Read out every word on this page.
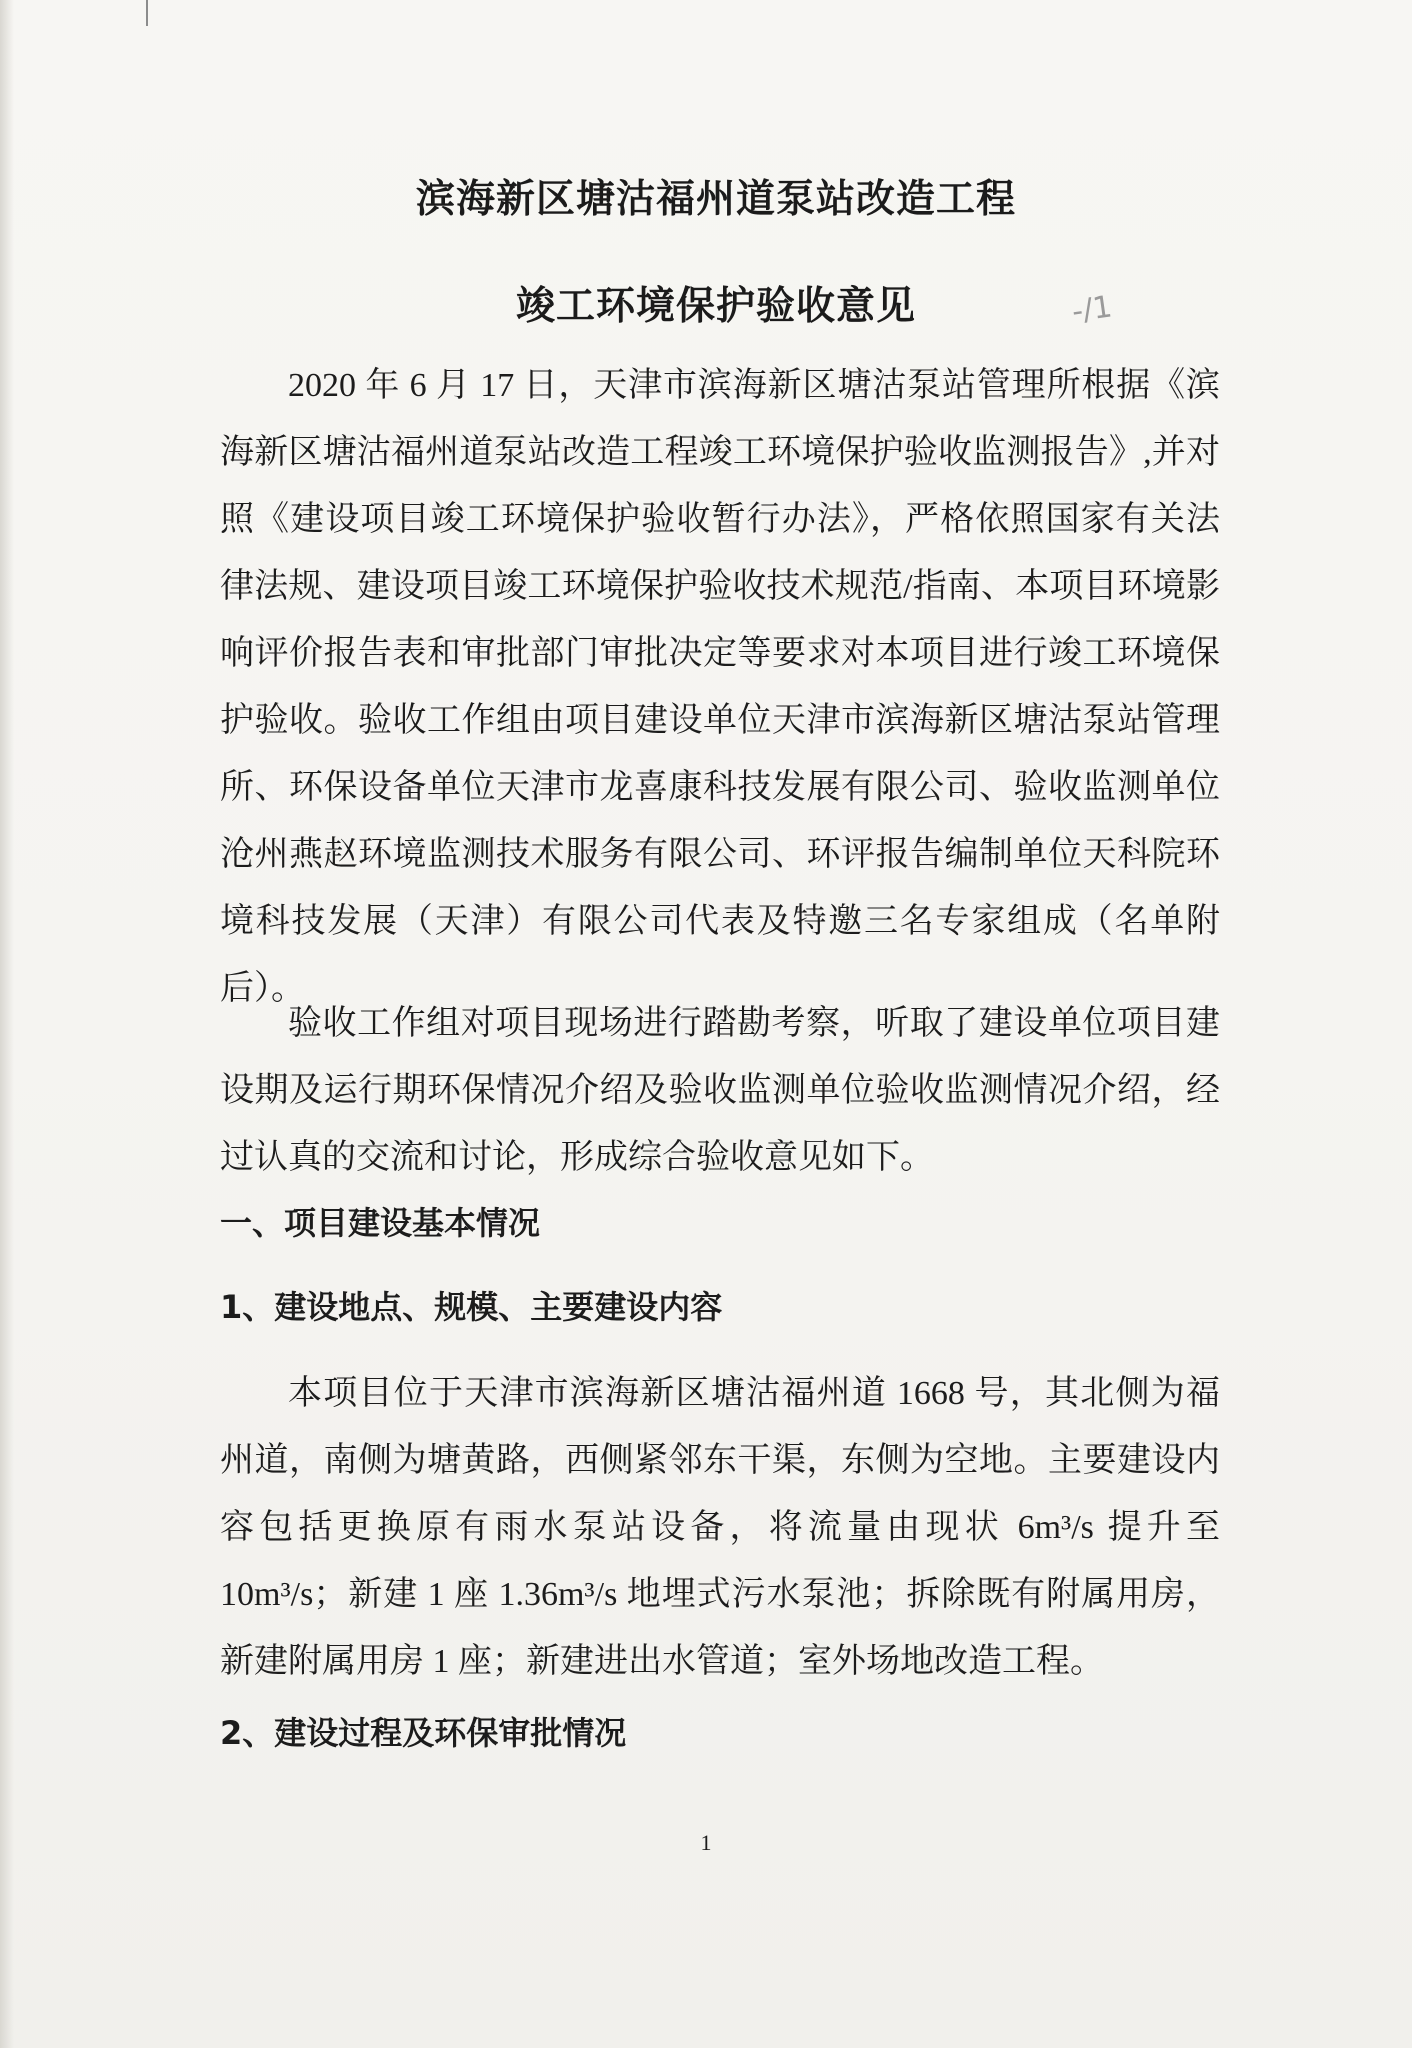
滨海新区塘沽福州道泵站改造工程
竣工环境保护验收意见	-/1

2020 年 6 月 17 日，天津市滨海新区塘沽泵站管理所根据《滨海新区塘沽福州道泵站改造工程竣工环境保护验收监测报告》,并对照《建设项目竣工环境保护验收暂行办法》，严格依照国家有关法律法规、建设项目竣工环境保护验收技术规范/指南、本项目环境影响评价报告表和审批部门审批决定等要求对本项目进行竣工环境保护验收。验收工作组由项目建设单位天津市滨海新区塘沽泵站管理所、环保设备单位天津市龙喜康科技发展有限公司、验收监测单位沧州燕赵环境监测技术服务有限公司、环评报告编制单位天科院环境科技发展（天津）有限公司代表及特邀三名专家组成（名单附后）。

验收工作组对项目现场进行踏勘考察，听取了建设单位项目建设期及运行期环保情况介绍及验收监测单位验收监测情况介绍，经过认真的交流和讨论，形成综合验收意见如下。

一、项目建设基本情况
1、建设地点、规模、主要建设内容

本项目位于天津市滨海新区塘沽福州道 1668 号，其北侧为福州道，南侧为塘黄路，西侧紧邻东干渠，东侧为空地。主要建设内容包括更换原有雨水泵站设备，将流量由现状 6m³/s 提升至 10m³/s；新建 1 座 1.36m³/s 地埋式污水泵池；拆除既有附属用房，新建附属用房 1 座；新建进出水管道；室外场地改造工程。

2、建设过程及环保审批情况
1
